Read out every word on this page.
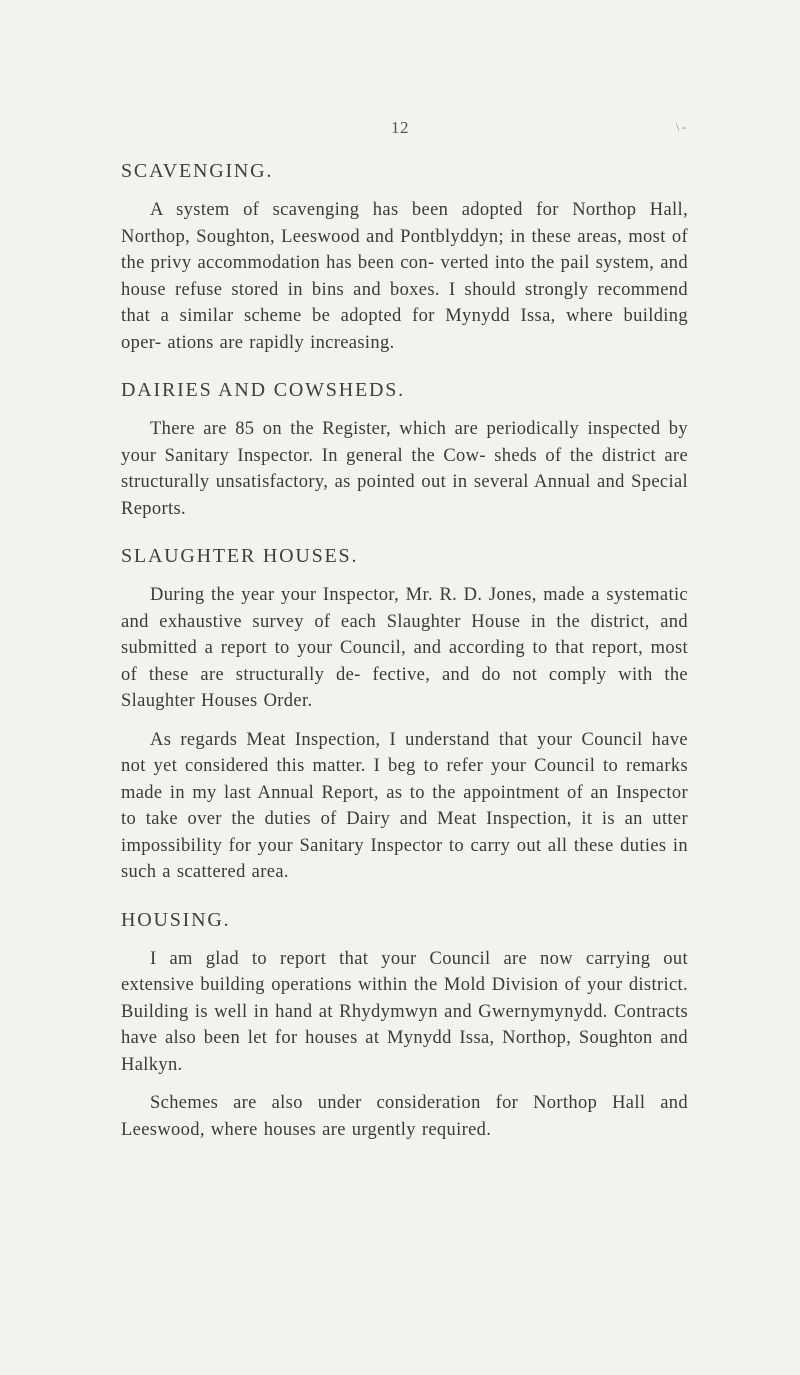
12	\ -
SCAVENGING.

A system of scavenging has been adopted for Northop Hall, Northop, Soughton, Leeswood and Pontblyddyn; in these areas, most of the privy accommodation has been con- verted into the pail system, and house refuse stored in bins and boxes. I should strongly recommend that a similar scheme be adopted for Mynydd Issa, where building oper- ations are rapidly increasing.

DAIRIES AND COWSHEDS.

There are 85 on the Register, which are periodically inspected by your Sanitary Inspector. In general the Cow- sheds of the district are structurally unsatisfactory, as pointed out in several Annual and Special Reports.

SLAUGHTER HOUSES.

During the year your Inspector, Mr. R. D. Jones, made a systematic and exhaustive survey of each Slaughter House in the district, and submitted a report to your Council, and according to that report, most of these are structurally de- fective, and do not comply with the Slaughter Houses Order.

As regards Meat Inspection, I understand that your Council have not yet considered this matter. I beg to refer your Council to remarks made in my last Annual Report, as to the appointment of an Inspector to take over the duties of Dairy and Meat Inspection, it is an utter impossibility for your Sanitary Inspector to carry out all these duties in such a scattered area.

HOUSING.

I am glad to report that your Council are now carrying out extensive building operations within the Mold Division of your district. Building is well in hand at Rhydymwyn and Gwernymynydd. Contracts have also been let for houses at Mynydd Issa, Northop, Soughton and Halkyn.

Schemes are also under consideration for Northop Hall and Leeswood, where houses are urgently required.
